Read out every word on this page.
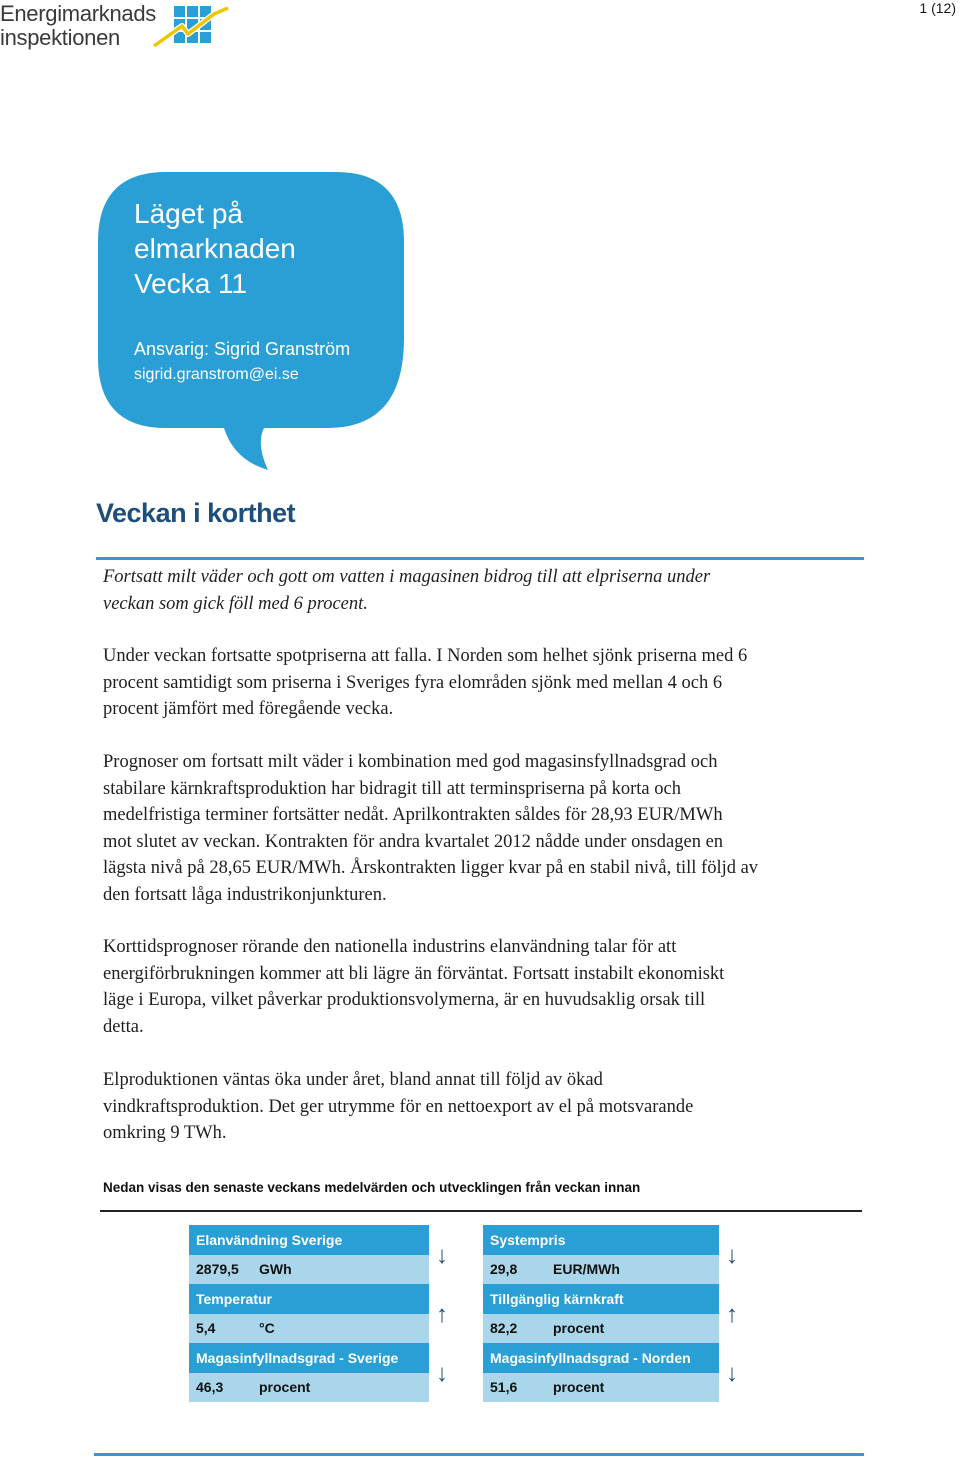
Energimarknads
inspektionen
1 (12)
Läget på
elmarknaden
Vecka 11
Ansvarig: Sigrid Granström
sigrid.granstrom@ei.se
Veckan i korthet

Fortsatt milt väder och gott om vatten i magasinen bidrog till att elpriserna under

veckan som gick föll med 6 procent.

Under veckan fortsatte spotpriserna att falla. I Norden som helhet sjönk priserna med 6

procent samtidigt som priserna i Sveriges fyra elområden sjönk med mellan 4 och 6

procent jämfört med föregående vecka.

Prognoser om fortsatt milt väder i kombination med god magasinsfyllnadsgrad och

stabilare kärnkraftsproduktion har bidragit till att terminspriserna på korta och

medelfristiga terminer fortsätter nedåt. Aprilkontrakten såldes för 28,93 EUR/MWh

mot slutet av veckan. Kontrakten för andra kvartalet 2012 nådde under onsdagen en

lägsta nivå på 28,65 EUR/MWh. Årskontrakten ligger kvar på en stabil nivå, till följd av

den fortsatt låga industrikonjunkturen.

Korttidsprognoser rörande den nationella industrins elanvändning talar för att

energiförbrukningen kommer att bli lägre än förväntat. Fortsatt instabilt ekonomiskt

läge i Europa, vilket påverkar produktionsvolymerna, är en huvudsaklig orsak till

detta.

Elproduktionen väntas öka under året, bland annat till följd av ökad

vindkraftsproduktion. Det ger utrymme för en nettoexport av el på motsvarande

omkring 9 TWh.

Nedan visas den senaste veckans medelvärden och utvecklingen från veckan innan
Elanvändning Sverige
2879,5	GWh
Temperatur
5,4	°C
Magasinfyllnadsgrad - Sverige
46,3	procent
↓
↑
↓
Systempris
29,8	EUR/MWh
Tillgänglig kärnkraft
82,2	procent
Magasinfyllnadsgrad - Norden
51,6	procent
↓
↑
↓
